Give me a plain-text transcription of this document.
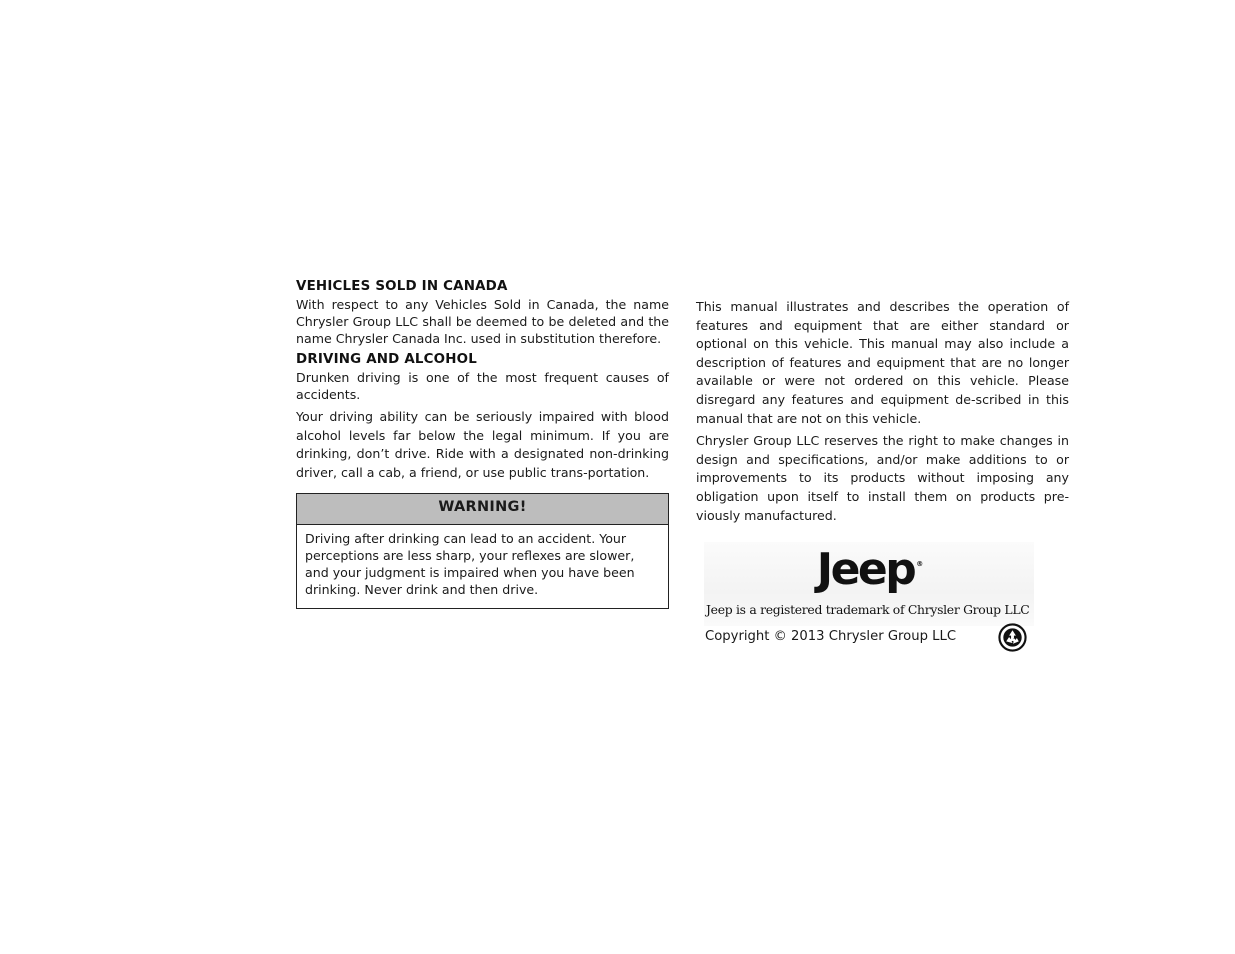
VEHICLES SOLD IN CANADA

With respect to any Vehicles Sold in Canada, the name Chrysler Group LLC shall be deemed to be deleted and the name Chrysler Canada Inc. used in substitution therefore.

DRIVING AND ALCOHOL

Drunken driving is one of the most frequent causes of accidents.

Your driving ability can be seriously impaired with blood alcohol levels far below the legal minimum. If you are drinking, don’t drive. Ride with a designated non-drinking driver, call a cab, a friend, or use public trans-portation.

WARNING!
Driving after drinking can lead to an accident. Your perceptions are less sharp, your reflexes are slower, and your judgment is impaired when you have been drinking. Never drink and then drive.

This manual illustrates and describes the operation of features and equipment that are either standard or optional on this vehicle. This manual may also include a description of features and equipment that are no longer available or were not ordered on this vehicle. Please disregard any features and equipment de-scribed in this manual that are not on this vehicle.

Chrysler Group LLC reserves the right to make changes in design and specifications, and/or make additions to or improvements to its products without imposing any obligation upon itself to install them on products pre-viously manufactured.

Jeep ®
Jeep is a registered trademark of Chrysler Group LLC
Copyright © 2013 Chrysler Group LLC
